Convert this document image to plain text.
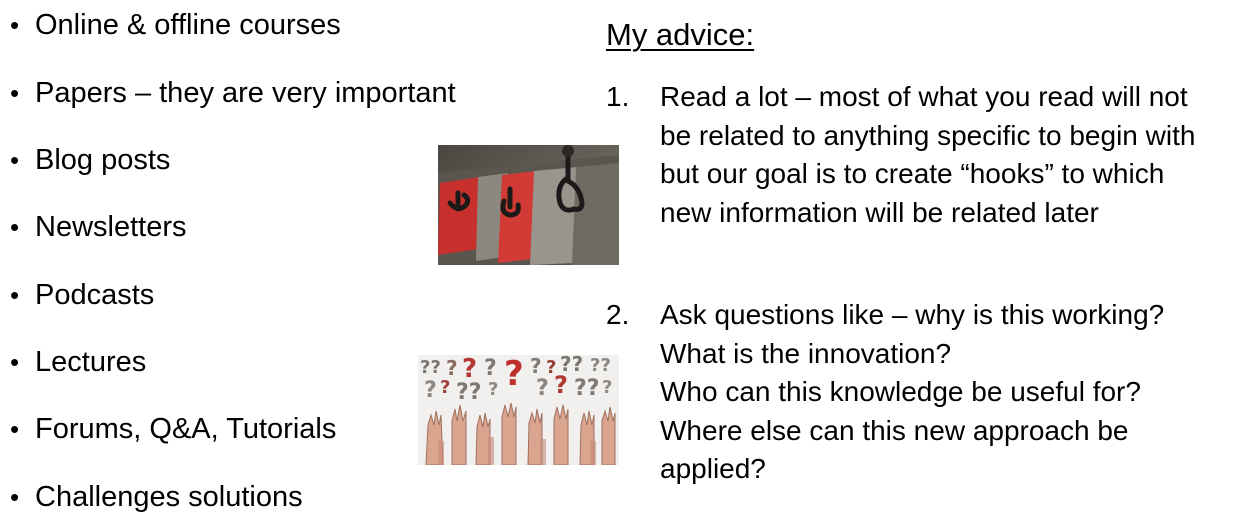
• Online & offline courses
• Papers – they are very important
• Blog posts
• Newsletters
• Podcasts
• Lectures
• Forums, Q&A, Tutorials
• Challenges solutions
?? ? ? ? ? ? ? ?? ??
? ? ?? ? ? ? ?? ?
My advice:
1. Read a lot – most of what you read will not
be related to anything specific to begin with
but our goal is to create “hooks” to which
new information will be related later
2. Ask questions like – why is this working?
What is the innovation?
Who can this knowledge be useful for?
Where else can this new approach be
applied?
